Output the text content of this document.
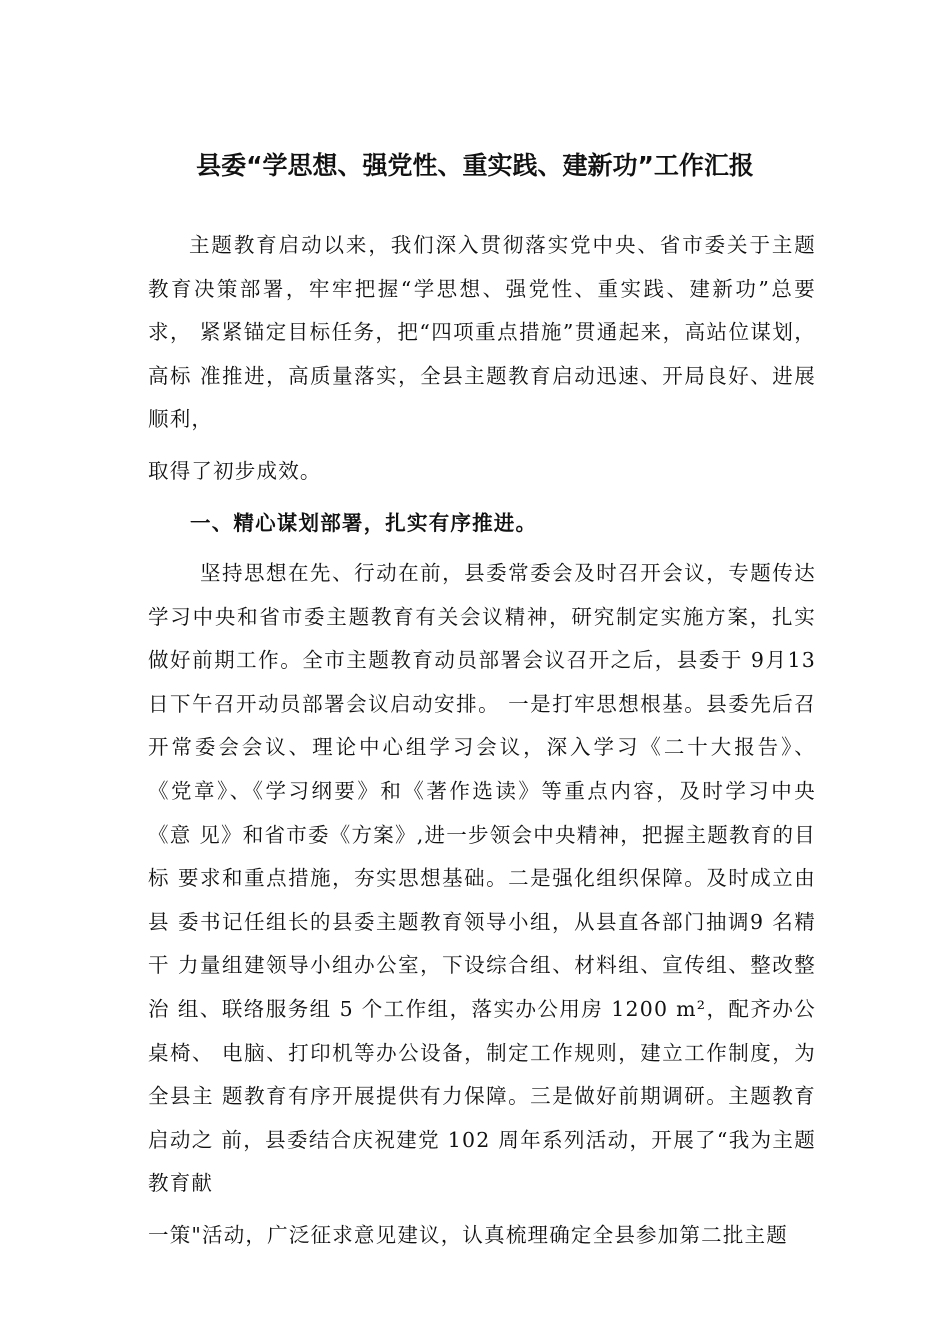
县委“学思想、强党性、重实践、建新功”工作汇报
主题教育启动以来，我们深入贯彻落实党中央、省市委关于主题教育决策部署，牢牢把握“学思想、强党性、重实践、建新功”总要求， 紧紧锚定目标任务，把“四项重点措施”贯通起来，高站位谋划，高标 准推进，高质量落实，全县主题教育启动迅速、开局良好、进展顺利，
取得了初步成效。
一、精心谋划部署，扎实有序推进。
坚持思想在先、行动在前，县委常委会及时召开会议，专题传达学习中央和省市委主题教育有关会议精神，研究制定实施方案，扎实做好前期工作。全市主题教育动员部署会议召开之后，县委于 9月13 日下午召开动员部署会议启动安排。 一是打牢思想根基。县委先后召开常委会会议、理论中心组学习会议，深入学习《二十大报告》、 《党章》、《学习纲要》和《著作选读》等重点内容，及时学习中央《意 见》和省市委《方案》,进一步领会中央精神，把握主题教育的目标 要求和重点措施，夯实思想基础。二是强化组织保障。及时成立由县 委书记任组长的县委主题教育领导小组，从县直各部门抽调9 名精干 力量组建领导小组办公室，下设综合组、材料组、宣传组、整改整治 组、联络服务组 5 个工作组，落实办公用房 1200 m²，配齐办公桌椅、 电脑、打印机等办公设备，制定工作规则，建立工作制度，为全县主 题教育有序开展提供有力保障。三是做好前期调研。主题教育启动之 前，县委结合庆祝建党 102 周年系列活动，开展了“我为主题教育献
一策"活动，广泛征求意见建议，认真梳理确定全县参加第二批主题
